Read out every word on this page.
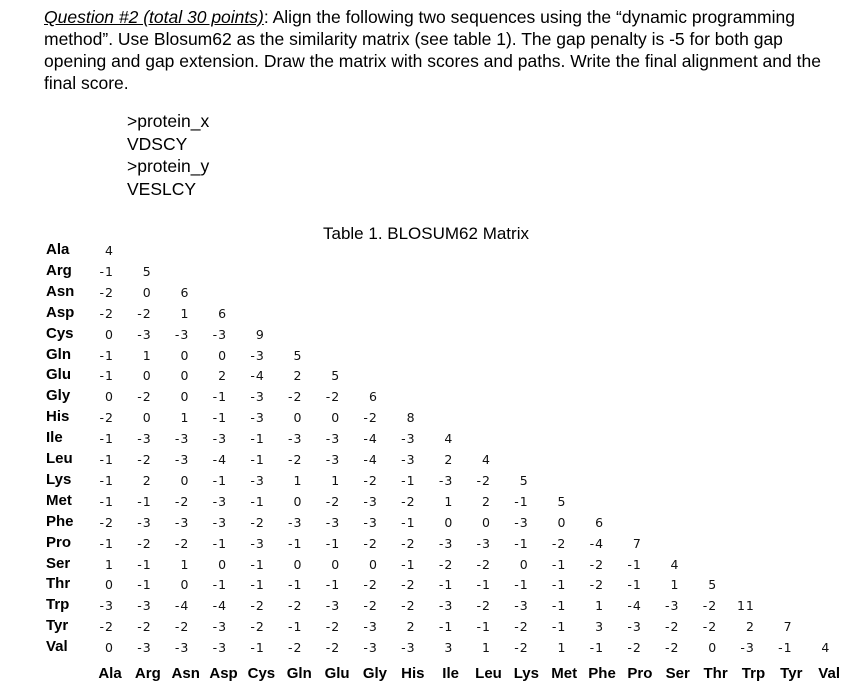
Question #2 (total 30 points): Align the following two sequences using the “dynamic programming method”. Use Blosum62 as the similarity matrix (see table 1). The gap penalty is -5 for both gap opening and gap extension. Draw the matrix with scores and paths. Write the final alignment and the final score.
>protein_x
VDSCY
>protein_y
VESLCY
Table 1. BLOSUM62 Matrix
Ala	4
Arg -1 5
Asn -2 0 6
Asp -2 -2 1 6
Cys	0 -3 -3 -3 9
Gln -1 1 0 0 -3 5
Glu -1 0 0 2 -4 2 5
Gly	0 -2 0 -1 -3 -2 -2 6
His -2 0 1 -1 -3 0 0 -2 8
Ile	-1 -3 -3 -3 -1 -3 -3 -4 -3 4
Leu -1 -2 -3 -4 -1 -2 -3 -4 -3 2 4
Lys -1 2 0 -1 -3 1 1 -2 -1 -3 -2 5
Met -1 -1 -2 -3 -1 0 -2 -3 -2 1 2 -1 5
Phe -2 -3 -3 -3 -2 -3 -3 -3 -1 0 0 -3 0 6
Pro -1 -2 -2 -1 -3 -1 -1 -2 -2 -3 -3 -1 -2 -4 7
Ser	1 -1 1 0 -1 0 0 0 -1 -2 -2 0 -1 -2 -1 4
Thr	0 -1 0 -1 -1 -1 -1 -2 -2 -1 -1 -1 -1 -2 -1 1 5
Trp -3 -3 -4 -4 -2 -2 -3 -2 -2 -3 -2 -3 -1 1 -4 -3 -2 11
Tyr	-2 -2 -2 -3 -2 -1 -2 -3 2 -1 -1 -2 -1 3 -3 -2 -2 2 7
Val	0 -3 -3 -3 -1 -2 -2 -3 -3 3 1 -2 1 -1 -2 -2 0 -3 -1 4
Ala Arg Asn Asp Cys Gln Glu Gly His Ile Leu Lys Met Phe Pro Ser Thr Trp Tyr Val
